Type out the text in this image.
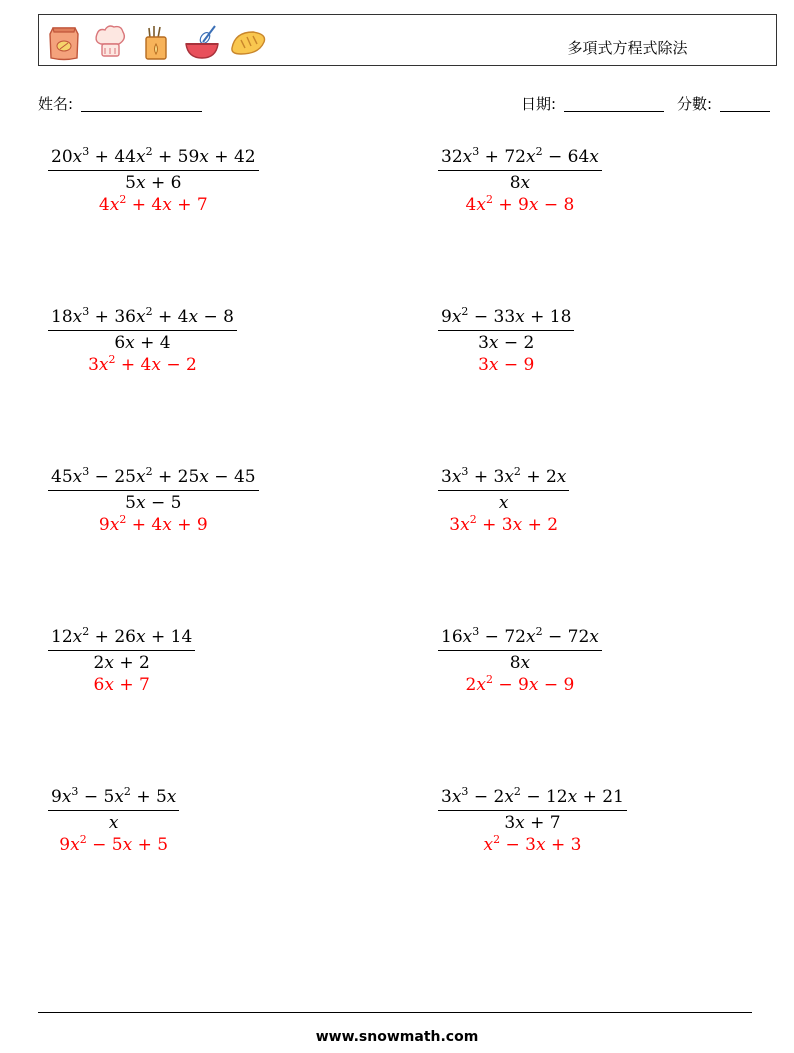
多項式方程式除法
姓名:	日期:	分數:
$20x^3 + 44x^2 + 59x + 42$
5x + 6
$4x^2 + 4x + 7$
$32x^3 + 72x^2 - 64x$
8x
$4x^2 + 9x - 8$
$18x^3 + 36x^2 + 4x - 8$
6x + 4
$3x^2 + 4x - 2$
$9x^2 - 33x + 18$
3x − 2
3x − 9
$45x^3 - 25x^2 + 25x - 45$
5x − 5
$9x^2 + 4x + 9$
$3x^3 + 3x^2 + 2x$
x
$3x^2 + 3x + 2$
$12x^2 + 26x + 14$
2x + 2
6x + 7
$16x^3 - 72x^2 - 72x$
8x
$2x^2 - 9x - 9$
$9x^3 - 5x^2 + 5x$
x
$9x^2 - 5x + 5$
$3x^3 - 2x^2 - 12x + 21$
3x + 7
$x^2 - 3x + 3$
www.snowmath.com
